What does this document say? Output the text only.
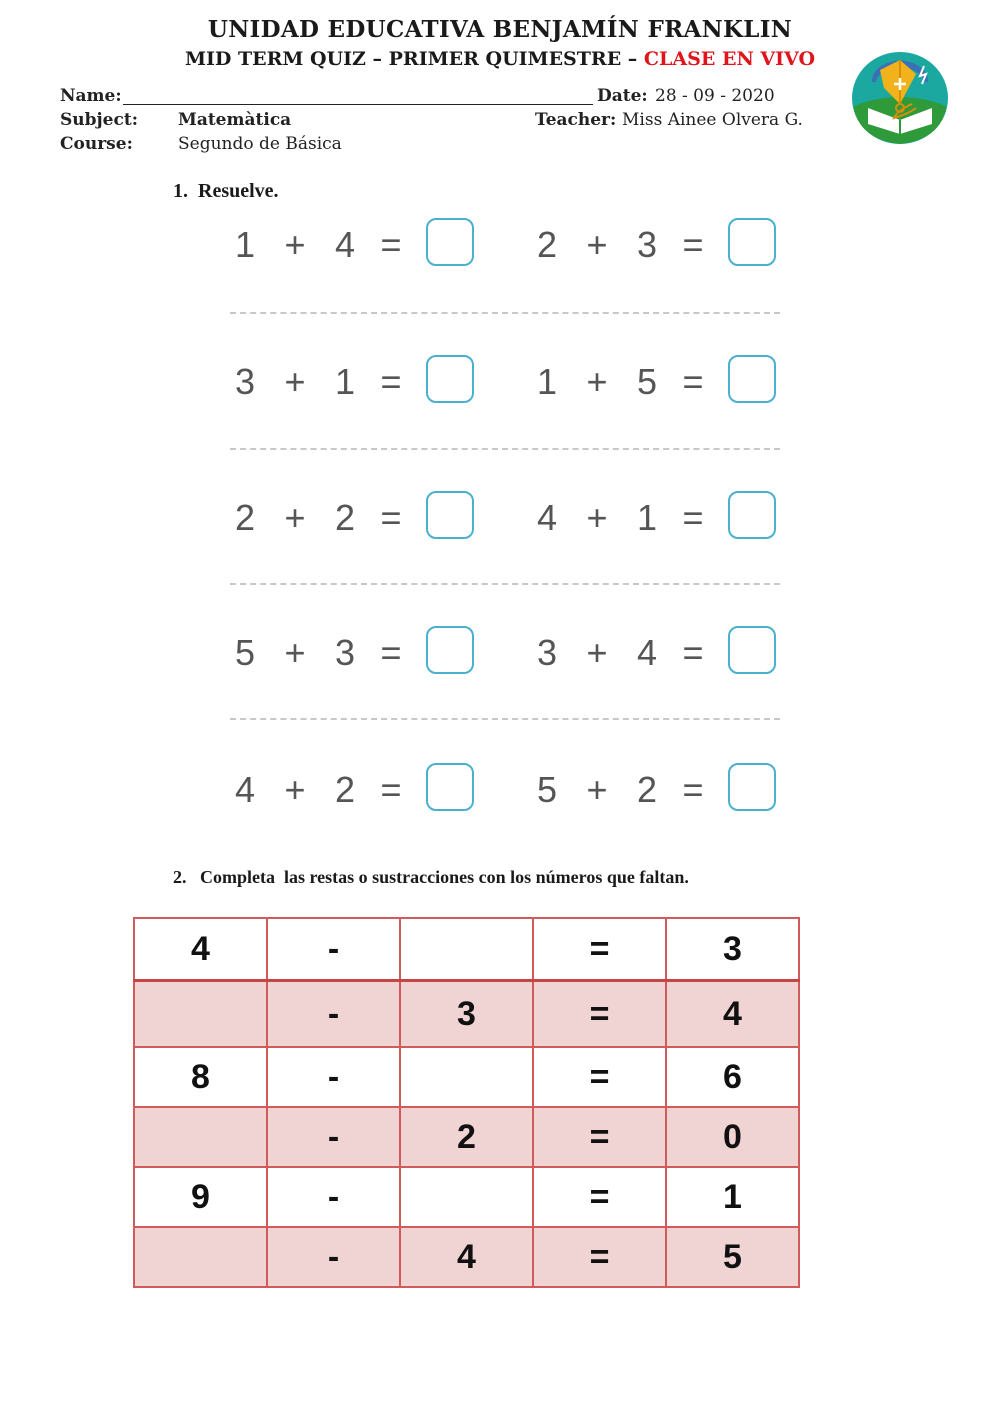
UNIDAD EDUCATIVA BENJAMÍN FRANKLIN
MID TERM QUIZ – PRIMER QUIMESTRE – CLASE EN VIVO
Name:	Date: 28 - 09 - 2020
Subject: Matemàtica	Teacher: Miss Ainee Olvera G.
Course:	Segundo de Básica
1. Resuelve.
1 + 4 =	2 + 3 =
3 + 1 =	1 + 5 =
2 + 2 =	4 + 1 =
5 + 3 =	3 + 4 =
4 + 2 =	5 + 2 =
2. Completa  las restas o sustracciones con los números que faltan.
4	-		=	3
	-	3	=	4
8	-		=	6
	-	2	=	0
9	-		=	1
	-	4	=	5
